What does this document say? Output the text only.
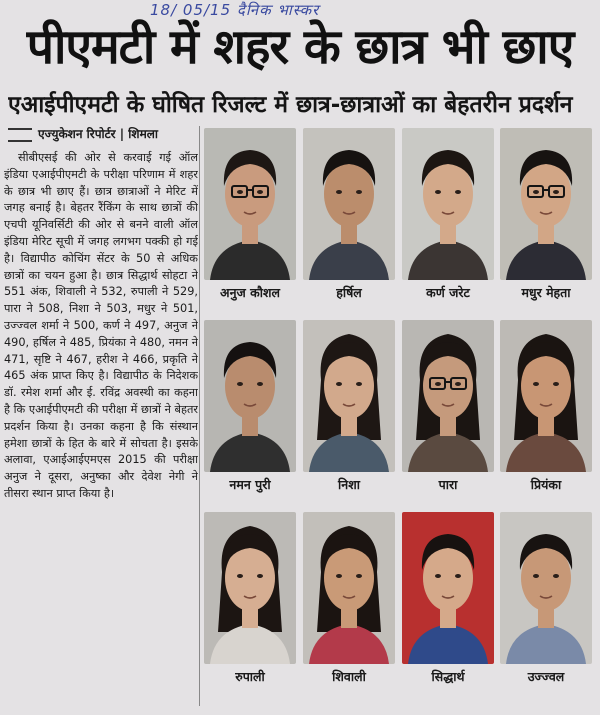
18/ 05/15 दैनिक भास्कर
पीएमटी में शहर के छात्र भी छाए
एआईपीएमटी के घोषित रिजल्ट में छात्र-छात्राओं का बेहतरीन प्रदर्शन
एज्युकेशन रिपोर्टर | शिमला

सीबीएसई की ओर से करवाई गई ऑल इंडिया एआईपीएमटी के परीक्षा परिणाम में शहर के छात्र भी छाए हैं। छात्र छात्राओं ने मेरिट में जगह बनाई है। बेहतर रैंकिंग के साथ छात्रों की एचपी यूनिवर्सिटी की ओर से बनने वाली ऑल इंडिया मेरिट सूची में जगह लगभग पक्की हो गई है। विद्यापीठ कोचिंग सेंटर के 50 से अधिक छात्रों का चयन हुआ है। छात्र सिद्धार्थ सोहटा ने 551 अंक, शिवाली ने 532, रुपाली ने 529, पारा ने 508, निशा ने 503, मधुर ने 501, उज्ज्वल शर्मा ने 500, कर्ण ने 497, अनुज ने 490, हर्षिल ने 485, प्रियंका ने 480, नमन ने 471, सृष्टि ने 467, हरीश ने 466, प्रकृति ने 465 अंक प्राप्त किए है। विद्यापीठ के निदेशक डॉ. रमेश शर्मा और ई. रविंद्र अवस्थी का कहना है कि एआईपीएमटी की परीक्षा में छात्रों ने बेहतर प्रदर्शन किया है। उनका कहना है कि संस्थान हमेशा छात्रों के हित के बारे में सोचता है। इसके अलावा, एआईआईएमएस 2015 की परीक्षा अनुज ने दूसरा, अनुष्का और देवेश नेगी ने तीसरा स्थान प्राप्त किया है।

अनुज कौशल	हर्षिल	कर्ण जरेट	मधुर मेहता
नमन पुरी	निशा	पारा	प्रियंका
रुपाली	शिवाली	सिद्धार्थ	उज्ज्वल
